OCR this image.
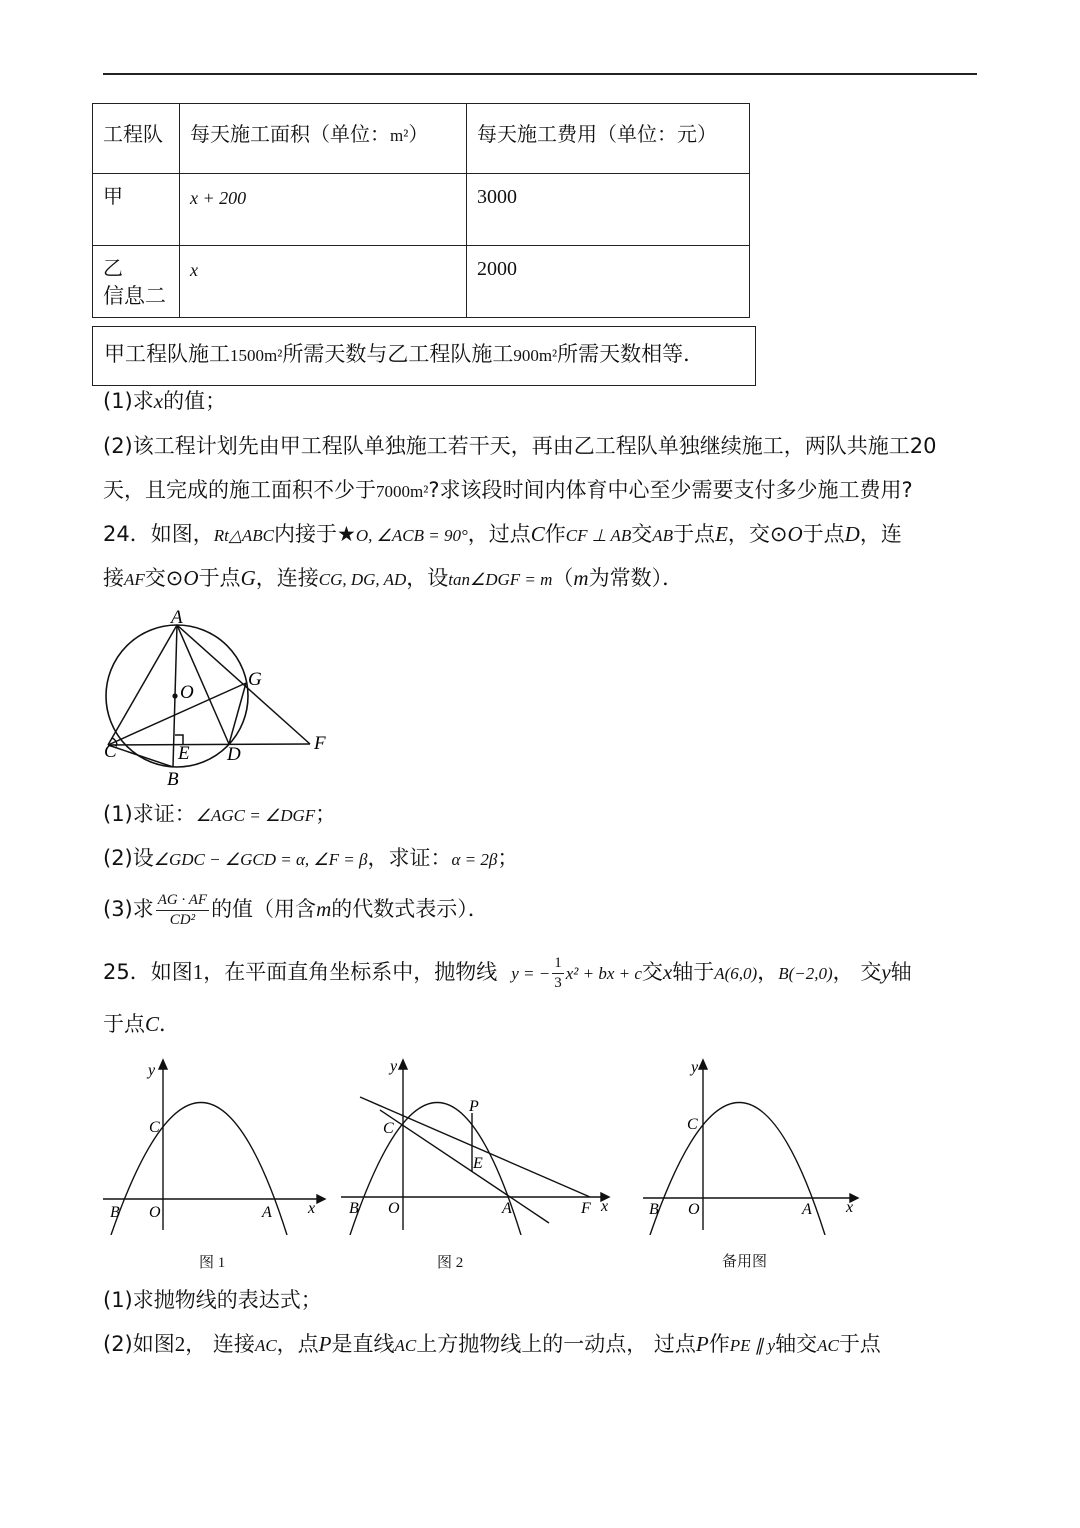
工程队	每天施工面积（单位：m²）	每天施工费用（单位：元）
甲	x + 200	3000
乙	x	2000
信息二
甲工程队施工1500m²所需天数与乙工程队施工900m²所需天数相等．
(1)求x的值；
(2)该工程计划先由甲工程队单独施工若干天，再由乙工程队单独继续施工，两队共施工20
天，且完成的施工面积不少于7000m²?求该段时间内体育中心至少需要支付多少施工费用?
24．如图，Rt△ABC内接于★O, ∠ACB = 90°，过点C作CF ⊥ AB交AB于点E，交⊙O于点D，连
接AF交⊙O于点G，连接CG, DG, AD，设tan∠DGF = m（m为常数）．
A
O
G
C	E D
F
B
(1)求证：∠AGC = ∠DGF；
(2)设∠GDC − ∠GCD = α, ∠F = β，求证：α = 2β；
(3)求 $\frac{AG \cdot AF}{\text{CD²}}$ 的值（用含m的代数式表示）．
25．如图1，在平面直角坐标系中，抛物线 y = − $\frac{1}{3} x^2$ + bx + c交x轴于A(6,0)，B(−2,0)， 交y轴
于点C．
y
x
C
B O	A
图 1
y
x
C
P
E
B O	A	F
图 2
y
x
C
B O	A
备用图
(1)求抛物线的表达式；
(2)如图2， 连接AC，点P是直线AC上方抛物线上的一动点， 过点P作PE ∥ y轴交AC于点
